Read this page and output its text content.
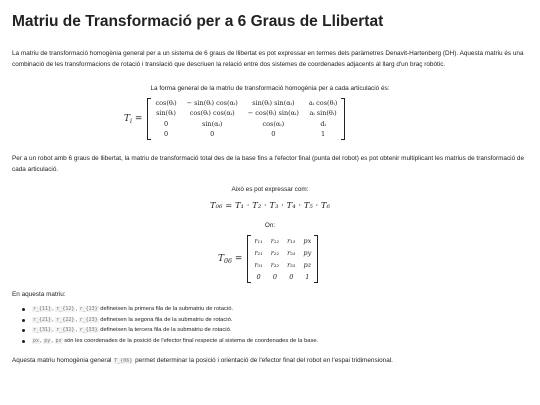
Matriu de Transformació per a 6 Graus de Llibertat

La matriu de transformació homogènia general per a un sistema de 6 graus de llibertat es pot expressar en termes dels paràmetres Denavit-Hartenberg (DH). Aquesta matriu és una combinació de les transformacions de rotació i translació que descriuen la relació entre dos sistemes de coordenades adjacents al llarg d'un braç robòtic.

La forma general de la matriu de transformació homogènia per a cada articulació és:

$T_i$ =
cos(θᵢ)	− sin(θᵢ) cos(αᵢ)	sin(θᵢ) sin(αᵢ)	aᵢ cos(θᵢ)
sin(θᵢ)	cos(θᵢ) cos(αᵢ)	− cos(θᵢ) sin(αᵢ)	aᵢ sin(θᵢ)
0	sin(αᵢ)	cos(αᵢ)	dᵢ
0	0	0	1

Per a un robot amb 6 graus de llibertat, la matriu de transformació total des de la base fins a l'efector final (punta del robot) es pot obtenir multiplicant les matrius de transformació de cada articulació.

Això es pot expressar com:

T₀₆ = T₁ · T₂ · T₃ · T₄ · T₅ · T₆

On:

$T_{06}$ =
r₁₁	r₁₂	r₁₃	px
r₂₁	r₂₂	r₂₃	py
r₃₁	r₃₂	r₃₃	pz
0	0	0	1

En aquesta matriu:

r_{11}, r_{12}, r_{13} defineixen la primera fila de la submatriu de rotació.
r_{21}, r_{22}, r_{23} defineixen la segona fila de la submatriu de rotació.
r_{31}, r_{32}, r_{33} defineixen la tercera fila de la submatriu de rotació.
px, py, pz són les coordenades de la posició de l'efector final respecte al sistema de coordenades de la base.

Aquesta matriu homogènia general T_{06} permet determinar la posició i orientació de l'efector final del robot en l'espai tridimensional.
